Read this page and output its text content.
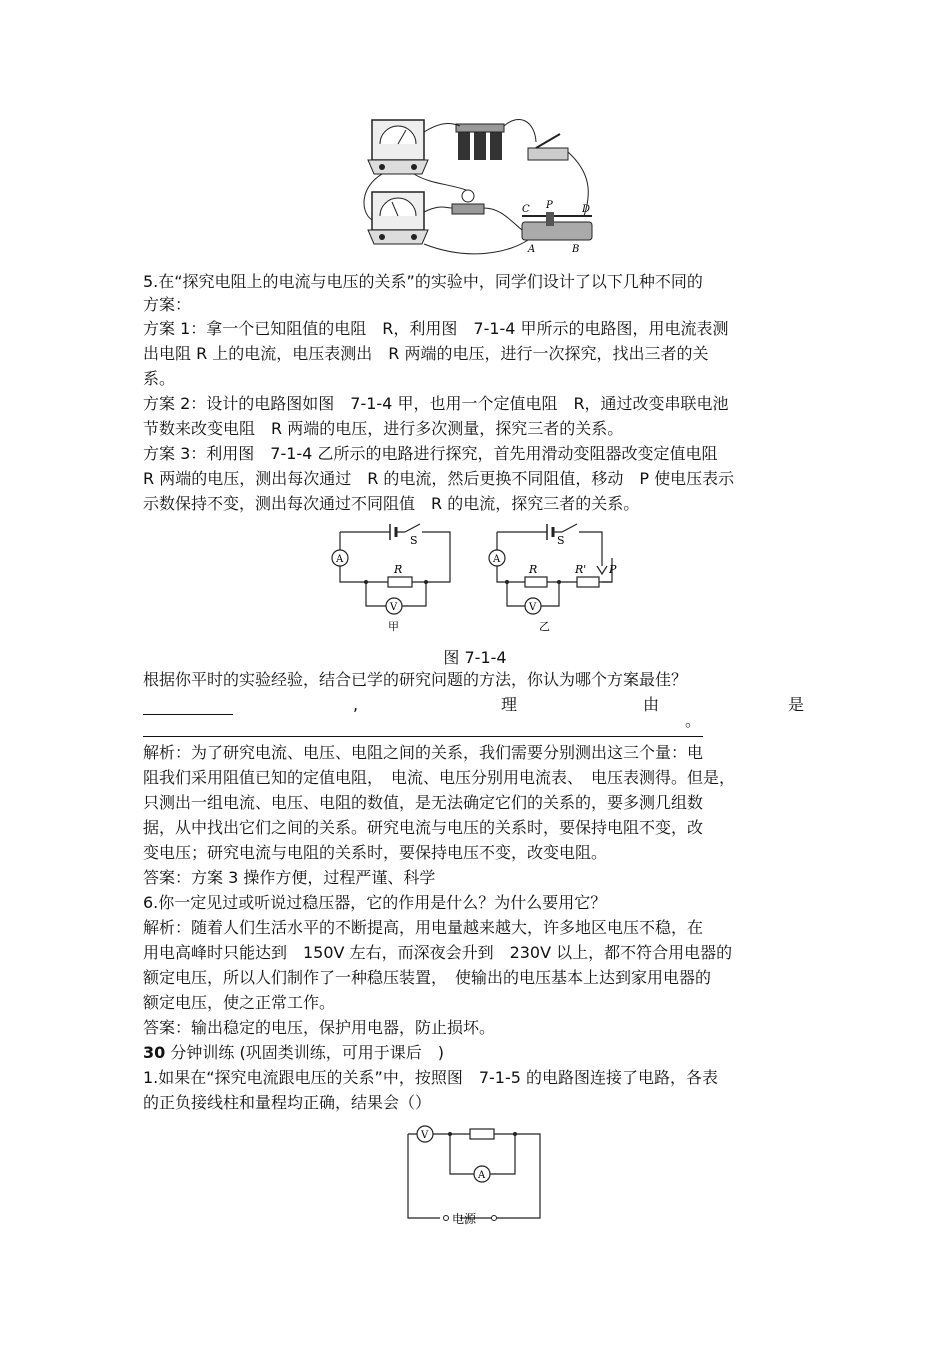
C P	D
A	B
5.在“探究电阻上的电流与电压的关系”的实验中，同学们设计了以下几种不同的
方案：
方案 1：拿一个已知阻值的电阻　R，利用图　7-1-4 甲所示的电路图，用电流表测
出电阻 R 上的电流，电压表测出　R 两端的电压，进行一次探究，找出三者的关
系。
方案 2：设计的电路图如图　7-1-4 甲，也用一个定值电阻　R，通过改变串联电池
节数来改变电阻　R 两端的电压，进行多次测量，探究三者的关系。
方案 3：利用图　7-1-4 乙所示的电路进行探究，首先用滑动变阻器改变定值电阻
R 两端的电压，测出每次通过　R 的电流，然后更换不同阻值，移动　P 使电压表示
示数保持不变，测出每次通过不同阻值　R 的电流，探究三者的关系。
S
R
A
V
甲
S
R	R' P
A
V
乙
图 7-1-4
根据你平时的实验经验，结合已学的研究问题的方法，你认为哪个方案最佳？
,	理	由	是
。
解析：为了研究电流、电压、电阻之间的关系，我们需要分别测出这三个量：电
阻我们采用阻值已知的定值电阻，　电流、电压分别用电流表、　电压表测得。但是，
只测出一组电流、电压、电阻的数值，是无法确定它们的关系的，要多测几组数
据，从中找出它们之间的关系。研究电流与电压的关系时，要保持电阻不变，改
变电压；研究电流与电阻的关系时，要保持电压不变，改变电阻。
答案：方案 3 操作方便，过程严谨、科学
6.你一定见过或听说过稳压器，它的作用是什么？为什么要用它？
解析：随着人们生活水平的不断提高，用电量越来越大，许多地区电压不稳，在
用电高峰时只能达到　150V 左右，而深夜会升到　230V 以上，都不符合用电器的
额定电压，所以人们制作了一种稳压装置，　使输出的电压基本上达到家用电器的
额定电压，使之正常工作。
答案：输出稳定的电压，保护用电器，防止损坏。
30 分钟训练 (巩固类训练，可用于课后　)
1.如果在“探究电流跟电压的关系”中，按照图　7-1-5 的电路图连接了电路，各表
的正负接线柱和量程均正确，结果会（）
V
A
电源
